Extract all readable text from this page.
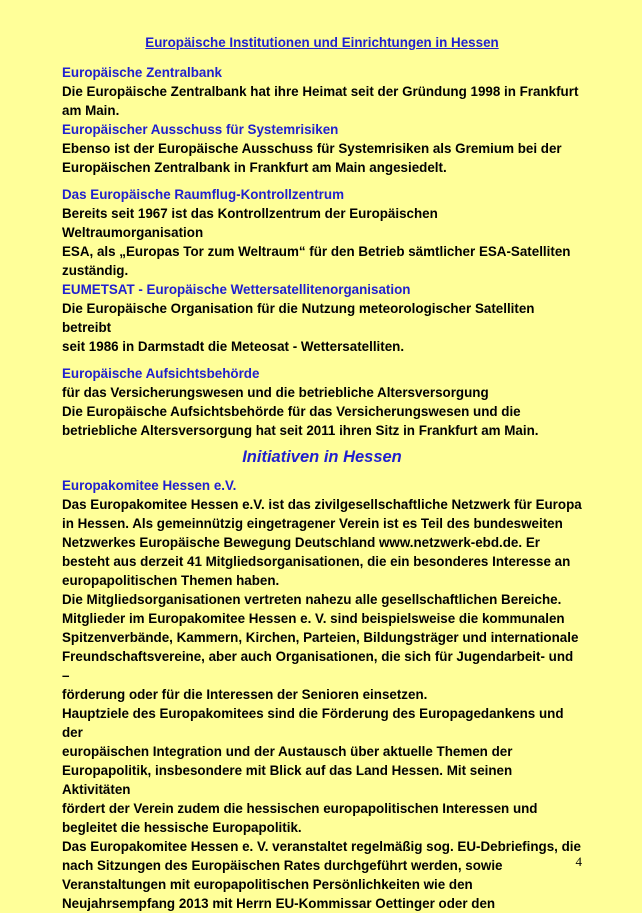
Europäische Institutionen und Einrichtungen in Hessen
Europäische Zentralbank

Die Europäische Zentralbank hat ihre Heimat seit der Gründung 1998 in Frankfurt
am Main.

Europäischer Ausschuss für Systemrisiken

Ebenso ist der Europäische Ausschuss für Systemrisiken als Gremium bei der
Europäischen Zentralbank in Frankfurt am Main angesiedelt.

Das Europäische Raumflug-Kontrollzentrum

Bereits seit 1967 ist das Kontrollzentrum der Europäischen Weltraumorganisation
ESA, als „Europas Tor zum Weltraum“ für den Betrieb sämtlicher ESA-Satelliten
zuständig.

EUMETSAT - Europäische Wettersatellitenorganisation

Die Europäische Organisation für die Nutzung meteorologischer Satelliten betreibt
seit 1986 in Darmstadt die Meteosat - Wettersatelliten.

Europäische Aufsichtsbehörde

für das Versicherungswesen und die betriebliche Altersversorgung
Die Europäische Aufsichtsbehörde für das Versicherungswesen und die
betriebliche Altersversorgung hat seit 2011 ihren Sitz in Frankfurt am Main.

Initiativen in Hessen
Europakomitee Hessen e.V.

Das Europakomitee Hessen e.V. ist das zivilgesellschaftliche Netzwerk für Europa
in Hessen. Als gemeinnützig eingetragener Verein ist es Teil des bundesweiten
Netzwerkes Europäische Bewegung Deutschland www.netzwerk-ebd.de. Er
besteht aus derzeit 41 Mitgliedsorganisationen, die ein besonderes Interesse an
europapolitischen Themen haben.

Die Mitgliedsorganisationen vertreten nahezu alle gesellschaftlichen Bereiche.
Mitglieder im Europakomitee Hessen e. V. sind beispielsweise die kommunalen
Spitzenverbände, Kammern, Kirchen, Parteien, Bildungsträger und internationale
Freundschaftsvereine, aber auch Organisationen, die sich für Jugendarbeit- und –
förderung oder für die Interessen der Senioren einsetzen.

Hauptziele des Europakomitees sind die Förderung des Europagedankens und der
europäischen Integration und der Austausch über aktuelle Themen der
Europapolitik, insbesondere mit Blick auf das Land Hessen. Mit seinen Aktivitäten
fördert der Verein zudem die hessischen europapolitischen Interessen und
begleitet die hessische Europapolitik.

Das Europakomitee Hessen e. V. veranstaltet regelmäßig sog. EU-Debriefings, die
nach Sitzungen des Europäischen Rates durchgeführt werden, sowie
Veranstaltungen mit europapolitischen Persönlichkeiten wie den
Neujahrsempfang 2013 mit Herrn EU-Kommissar Oettinger oder den

4
